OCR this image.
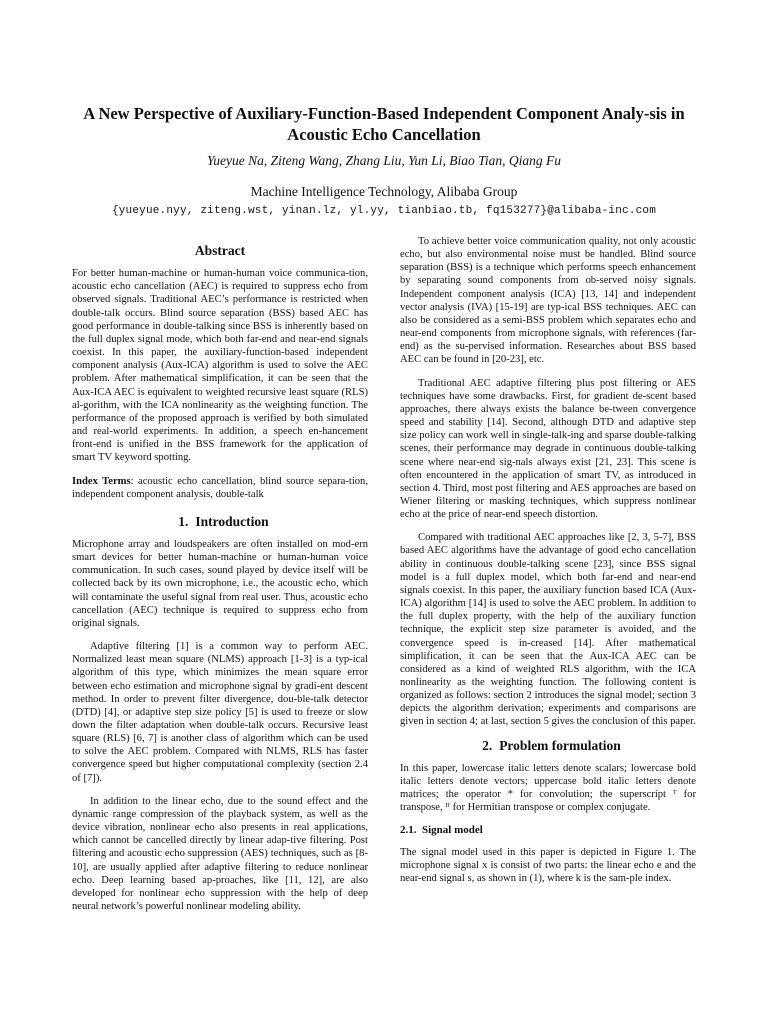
A New Perspective of Auxiliary-Function-Based Independent Component Analy-sis in Acoustic Echo Cancellation
Yueyue Na, Ziteng Wang, Zhang Liu, Yun Li, Biao Tian, Qiang Fu
Machine Intelligence Technology, Alibaba Group
{yueyue.nyy, ziteng.wst, yinan.lz, yl.yy, tianbiao.tb, fq153277}@alibaba-inc.com
Abstract

For better human-machine or human-human voice communica-tion, acoustic echo cancellation (AEC) is required to suppress echo from observed signals. Traditional AEC’s performance is restricted when double-talk occurs. Blind source separation (BSS) based AEC has good performance in double-talking since BSS is inherently based on the full duplex signal mode, which both far-end and near-end signals coexist. In this paper, the auxiliary-function-based independent component analysis (Aux-ICA) algorithm is used to solve the AEC problem. After mathematical simplification, it can be seen that the Aux-ICA AEC is equivalent to weighted recursive least square (RLS) al-gorithm, with the ICA nonlinearity as the weighting function. The performance of the proposed approach is verified by both simulated and real-world experiments. In addition, a speech en-hancement front-end is unified in the BSS framework for the application of smart TV keyword spotting.

Index Terms: acoustic echo cancellation, blind source separa-tion, independent component analysis, double-talk

1. Introduction

Microphone array and loudspeakers are often installed on mod-ern smart devices for better human-machine or human-human voice communication. In such cases, sound played by device itself will be collected back by its own microphone, i.e., the acoustic echo, which will contaminate the useful signal from real user. Thus, acoustic echo cancellation (AEC) technique is required to suppress echo from original signals.

Adaptive filtering [1] is a common way to perform AEC. Normalized least mean square (NLMS) approach [1-3] is a typ-ical algorithm of this type, which minimizes the mean square error between echo estimation and microphone signal by gradi-ent descent method. In order to prevent filter divergence, dou-ble-talk detector (DTD) [4], or adaptive step size policy [5] is used to freeze or slow down the filter adaptation when double-talk occurs. Recursive least square (RLS) [6, 7] is another class of algorithm which can be used to solve the AEC problem. Compared with NLMS, RLS has faster convergence speed but higher computational complexity (section 2.4 of [7]).

In addition to the linear echo, due to the sound effect and the dynamic range compression of the playback system, as well as the device vibration, nonlinear echo also presents in real applications, which cannot be cancelled directly by linear adap-tive filtering. Post filtering and acoustic echo suppression (AES) techniques, such as [8-10], are usually applied after adaptive filtering to reduce nonlinear echo. Deep learning based ap-proaches, like [11, 12], are also developed for nonlinear echo suppression with the help of deep neural network’s powerful nonlinear modeling ability.

To achieve better voice communication quality, not only acoustic echo, but also environmental noise must be handled. Blind source separation (BSS) is a technique which performs speech enhancement by separating sound components from ob-served noisy signals. Independent component analysis (ICA) [13, 14] and independent vector analysis (IVA) [15-19] are typ-ical BSS techniques. AEC can also be considered as a semi-BSS problem which separates echo and near-end components from microphone signals, with references (far-end) as the su-pervised information. Researches about BSS based AEC can be found in [20-23], etc.

Traditional AEC adaptive filtering plus post filtering or AES techniques have some drawbacks. First, for gradient de-scent based approaches, there always exists the balance be-tween convergence speed and stability [14]. Second, although DTD and adaptive step size policy can work well in single-talk-ing and sparse double-talking scenes, their performance may degrade in continuous double-talking scene where near-end sig-nals always exist [21, 23]. This scene is often encountered in the application of smart TV, as introduced in section 4. Third, most post filtering and AES approaches are based on Wiener filtering or masking techniques, which suppress nonlinear echo at the price of near-end speech distortion.

Compared with traditional AEC approaches like [2, 3, 5-7], BSS based AEC algorithms have the advantage of good echo cancellation ability in continuous double-talking scene [23], since BSS signal model is a full duplex model, which both far-end and near-end signals coexist. In this paper, the auxiliary function based ICA (Aux-ICA) algorithm [14] is used to solve the AEC problem. In addition to the full duplex property, with the help of the auxiliary function technique, the explicit step size parameter is avoided, and the convergence speed is in-creased [14]. After mathematical simplification, it can be seen that the Aux-ICA AEC can be considered as a kind of weighted RLS algorithm, with the ICA nonlinearity as the weighting function. The following content is organized as follows: section 2 introduces the signal model; section 3 depicts the algorithm derivation; experiments and comparisons are given in section 4; at last, section 5 gives the conclusion of this paper.

2. Problem formulation

In this paper, lowercase italic letters denote scalars; lowercase bold italic letters denote vectors; uppercase bold italic letters denote matrices; the operator * for convolution; the superscript ᵀ for transpose, ᴴ for Hermitian transpose or complex conjugate.

2.1. Signal model

The signal model used in this paper is depicted in Figure 1. The microphone signal x is consist of two parts: the linear echo e and the near-end signal s, as shown in (1), where k is the sam-ple index.
